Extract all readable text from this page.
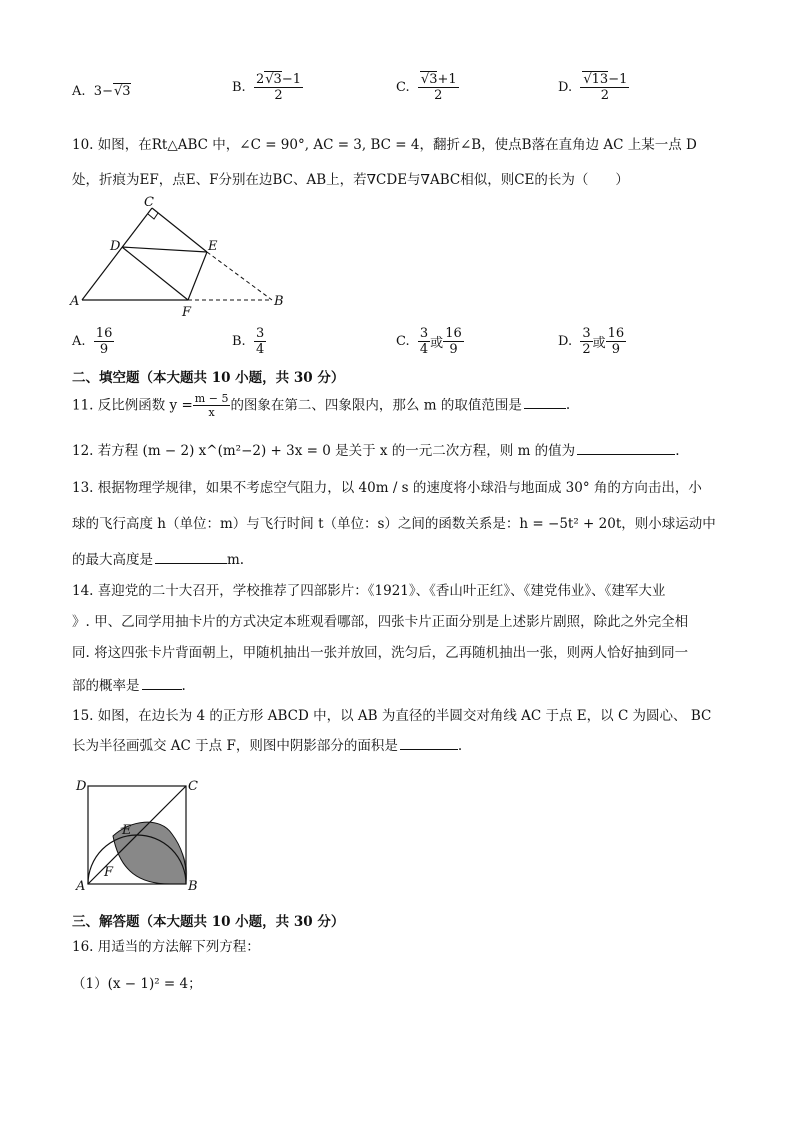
A. 3−√3	B. $\frac{2√3-1}{2}$	C. $\frac{√3+1}{2}$	D. $\frac{√13-1}{2}$
10. 如图，在Rt△ABC 中，∠C = 90°, AC = 3, BC = 4，翻折∠B，使点B落在直角边 AC 上某一点 D
处，折痕为EF，点E、F分别在边BC、AB上，若∇CDE与∇ABC相似，则CE的长为（　　）
C
D	E
A
F
B
A. $\frac{16}{9}$	B. $\frac{3}{4}$	C. $\frac{3}{4}$ 或 $\frac{16}{9}$	D. $\frac{3}{2}$ 或 $\frac{16}{9}$
二、填空题（本大题共 10 小题，共 30 分）
11. 反比例函数 $y = \frac{m - 5}{x}$ 的图象在第二、四象限内，那么 m 的取值范围是	.
12. 若方程 (m − 2) x^(m²−2) + 3x = 0 是关于 x 的一元二次方程，则 m 的值为	.
13. 根据物理学规律，如果不考虑空气阻力，以 40m / s 的速度将小球沿与地面成 30° 角的方向击出，小
球的飞行高度 h（单位：m）与飞行时间 t（单位：s）之间的函数关系是：h = −5t² + 20t，则小球运动中
的最大高度是	m.
14. 喜迎党的二十大召开，学校推荐了四部影片：《1921》、《香山叶正红》、《建党伟业》、《建军大业
》. 甲、乙同学用抽卡片的方式决定本班观看哪部，四张卡片正面分别是上述影片剧照，除此之外完全相
同. 将这四张卡片背面朝上，甲随机抽出一张并放回，洗匀后，乙再随机抽出一张，则两人恰好抽到同一
部的概率是	.
15. 如图，在边长为 4 的正方形 ABCD 中，以 AB 为直径的半圆交对角线 AC 于点 E，以 C 为圆心、 BC
长为半径画弧交 AC 于点 F，则图中阴影部分的面积是	.
D	C
E
F
A	B
三、解答题（本大题共 10 小题，共 30 分）
16. 用适当的方法解下列方程：
（1）(x − 1)² = 4；
